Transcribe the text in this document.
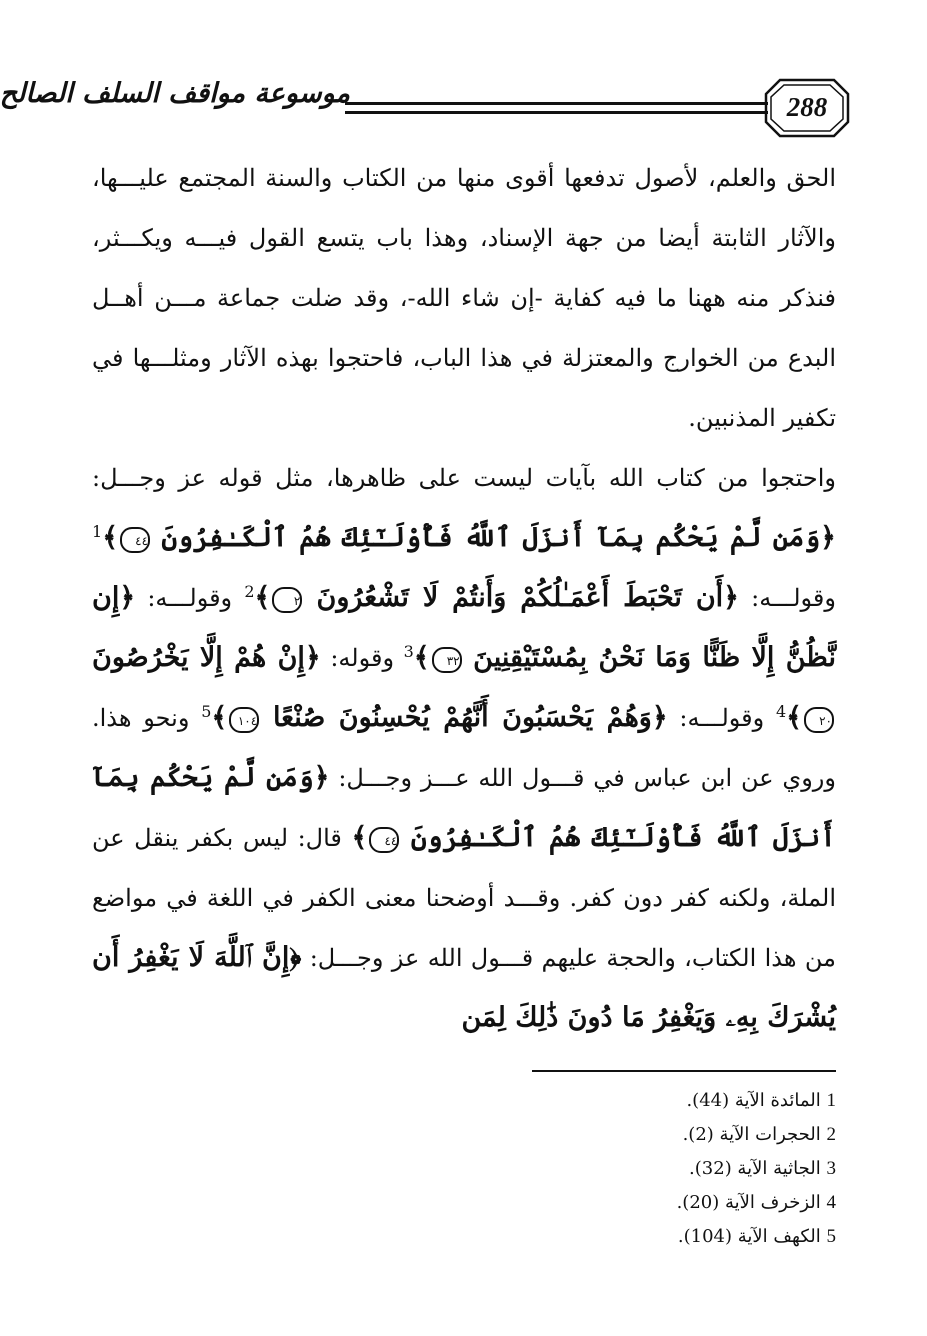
موسوعة مواقف السلف الصالح	288

الحق والعلم، لأصول تدفعها أقوى منها من الكتاب والسنة المجتمع عليـــها، والآثار الثابتة أيضا من جهة الإسناد، وهذا باب يتسع القول فيـــه ويكـــثر، فنذكر منه ههنا ما فيه كفاية -إن شاء الله-، وقد ضلت جماعة مـــن أهــل البدع من الخوارج والمعتزلة في هذا الباب، فاحتجوا بهذه الآثار ومثلـــها في تكفير المذنبين.

واحتجوا من كتاب الله بآيات ليست على ظاهرها، مثل قوله عز وجـــل: ﴿وَمَن لَّمْ يَحْكُم بِمَآ أَنزَلَ ٱللَّهُ فَأُوْلَـٰٓئِكَ هُمُ ٱلْكَـٰفِرُونَ ٤٤﴾$^1$ وقولـــه: ﴿أَن تَحْبَطَ أَعْمَـٰلُكُمْ وَأَنتُمْ لَا تَشْعُرُونَ ٢﴾$^2$ وقولـــه: ﴿إِن نَّظُنُّ إِلَّا ظَنًّا وَمَا نَحْنُ بِمُسْتَيْقِنِينَ ٣٢﴾$^3$ وقوله: ﴿إِنْ هُمْ إِلَّا يَخْرُصُونَ ٢٠﴾$^4$ وقولـــه: ﴿وَهُمْ يَحْسَبُونَ أَنَّهُمْ يُحْسِنُونَ صُنْعًا ١٠٤﴾$^5$ ونحو هذا. وروي عن ابن عباس في قـــول الله عـــز وجـــل: ﴿وَمَن لَّمْ يَحْكُم بِمَآ أَنزَلَ ٱللَّهُ فَأُوْلَـٰٓئِكَ هُمُ ٱلْكَـٰفِرُونَ ٤٤﴾ قال: ليس بكفر ينقل عن الملة، ولكنه كفر دون كفر. وقـــد أوضحنا معنى الكفر في اللغة في مواضع من هذا الكتاب، والحجة عليهم قـــول الله عز وجـــل: ﴿إِنَّ ٱللَّهَ لَا يَغْفِرُ أَن يُشْرَكَ بِهِۦ وَيَغْفِرُ مَا دُونَ ذَٰلِكَ لِمَن

1 المائدة الآية (44).
2 الحجرات الآية (2).
3 الجاثية الآية (32).
4 الزخرف الآية (20).
5 الكهف الآية (104).
